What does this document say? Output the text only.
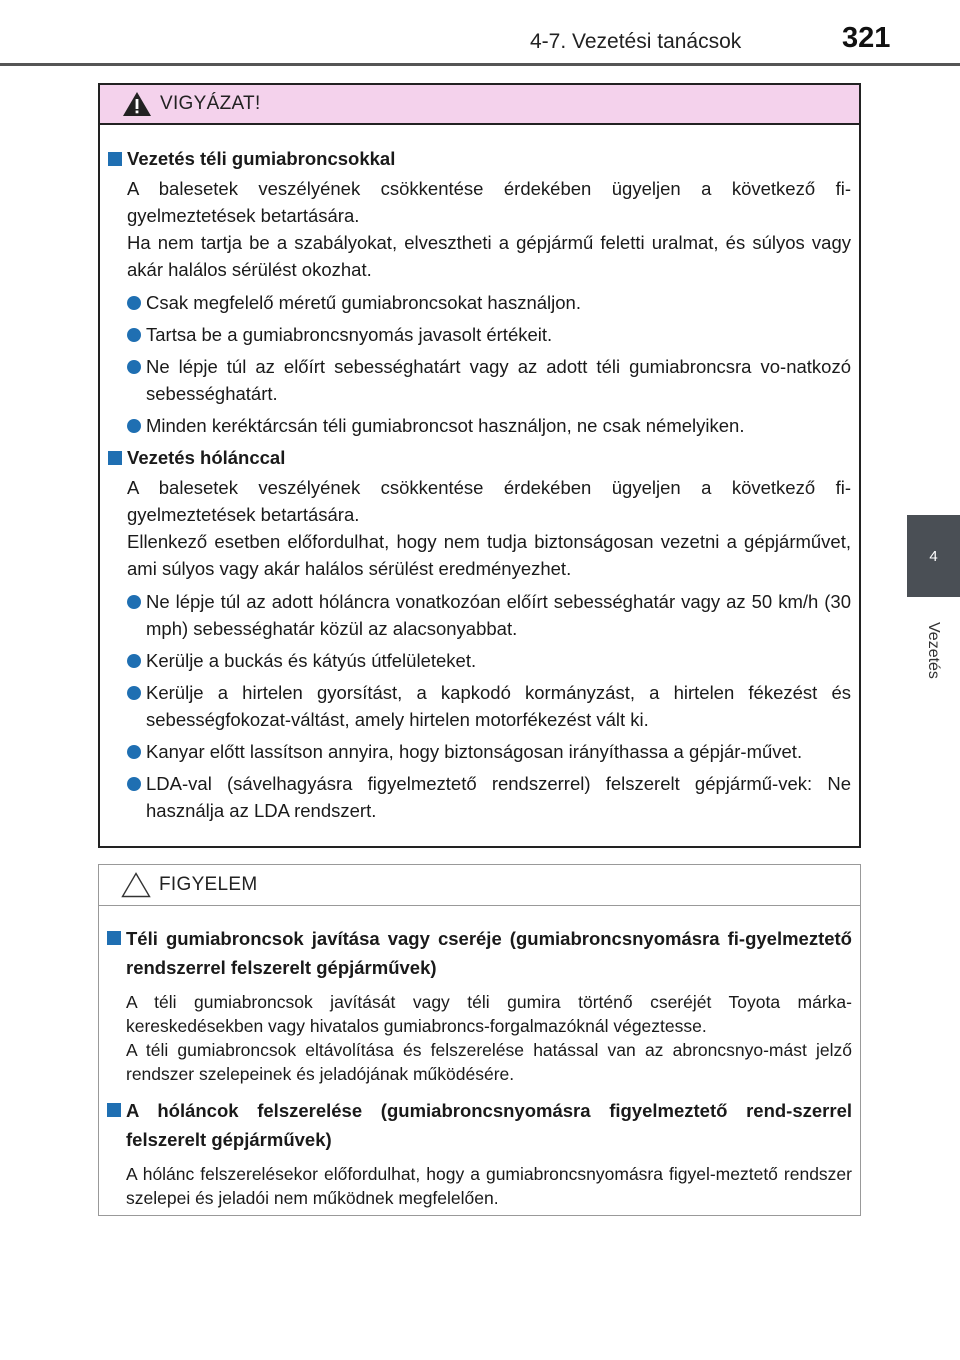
4-7. Vezetési tanácsok	321
4
Vezetés
VIGYÁZAT!
Vezetés téli gumiabroncsokkal
A balesetek veszélyének csökkentése érdekében ügyeljen a következő fi-gyelmeztetések betartására.
Ha nem tartja be a szabályokat, elvesztheti a gépjármű feletti uralmat, és súlyos vagy akár halálos sérülést okozhat.
Csak megfelelő méretű gumiabroncsokat használjon.
Tartsa be a gumiabroncsnyomás javasolt értékeit.
Ne lépje túl az előírt sebességhatárt vagy az adott téli gumiabroncsra vo-natkozó sebességhatárt.
Minden keréktárcsán téli gumiabroncsot használjon, ne csak némelyiken.
Vezetés hólánccal
A balesetek veszélyének csökkentése érdekében ügyeljen a következő fi-gyelmeztetések betartására.
Ellenkező esetben előfordulhat, hogy nem tudja biztonságosan vezetni a gépjárművet, ami súlyos vagy akár halálos sérülést eredményezhet.
Ne lépje túl az adott hóláncra vonatkozóan előírt sebességhatár vagy az 50 km/h (30 mph) sebességhatár közül az alacsonyabbat.
Kerülje a buckás és kátyús útfelületeket.
Kerülje a hirtelen gyorsítást, a kapkodó kormányzást, a hirtelen fékezést és sebességfokozat-váltást, amely hirtelen motorfékezést vált ki.
Kanyar előtt lassítson annyira, hogy biztonságosan irányíthassa a gépjár-művet.
LDA-val (sávelhagyásra figyelmeztető rendszerrel) felszerelt gépjármű-vek: Ne használja az LDA rendszert.
FIGYELEM
Téli gumiabroncsok javítása vagy cseréje (gumiabroncsnyomásra fi-gyelmeztető rendszerrel felszerelt gépjárművek)
A téli gumiabroncsok javítását vagy téli gumira történő cseréjét Toyota márka-kereskedésekben vagy hivatalos gumiabroncs-forgalmazóknál végeztesse.
A téli gumiabroncsok eltávolítása és felszerelése hatással van az abroncsnyo-mást jelző rendszer szelepeinek és jeladójának működésére.
A hóláncok felszerelése (gumiabroncsnyomásra figyelmeztető rend-szerrel felszerelt gépjárművek)
A hólánc felszerelésekor előfordulhat, hogy a gumiabroncsnyomásra figyel-meztető rendszer szelepei és jeladói nem működnek megfelelően.
